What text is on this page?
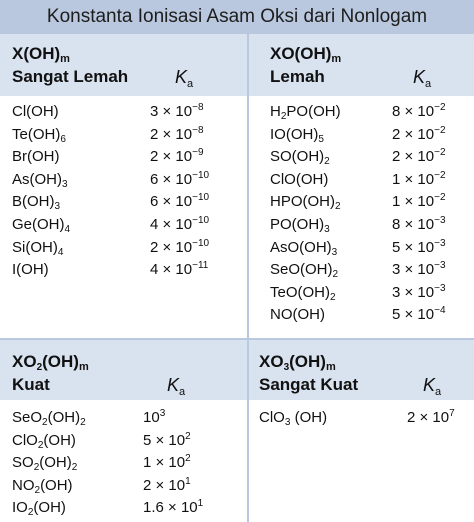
Konstanta Ionisasi Asam Oksi dari Nonlogam
X(OH)m
Sangat Lemah	$K_a$
Cl(OH)	$3 \times 10^{-8}$
$Te(OH)_6$	$2 \times 10^{-8}$
Br(OH)	$2 \times 10^{-9}$
$As(OH)_3$	$6 \times 10^{-10}$
$B(OH)_3$	$6 \times 10^{-10}$
$Ge(OH)_4$	$4 \times 10^{-10}$
$Si(OH)_4$	$2 \times 10^{-10}$
I(OH)	$4 \times 10^{-11}$
XO(OH)m
Lemah	$K_a$
$H_2PO(OH)$	$8 \times 10^{-2}$
$IO(OH)_5$	$2 \times 10^{-2}$
$SO(OH)_2$	$2 \times 10^{-2}$
ClO(OH)	$1 \times 10^{-2}$
$HPO(OH)_2$	$1 \times 10^{-2}$
$PO(OH)_3$	$8 \times 10^{-3}$
$AsO(OH)_3$	$5 \times 10^{-3}$
$SeO(OH)_2$	$3 \times 10^{-3}$
$TeO(OH)_2$	$3 \times 10^{-3}$
NO(OH)	$5 \times 10^{-4}$
$XO_2(OH)m$
Kuat	$K_a$
$SeO_2(OH)_2$	$10^3$
ClO$_2$(OH)	$5 \times 10^2$
$SO_2(OH)_2$	$1 \times 10^2$
$NO_2(OH)$	$2 \times 10^1$
$IO_2(OH)$	$1.6 \times 10^1$
$XO_3(OH)m$
Sangat Kuat	$K_a$
ClO$_3$ (OH)	$2 \times 10^7$
